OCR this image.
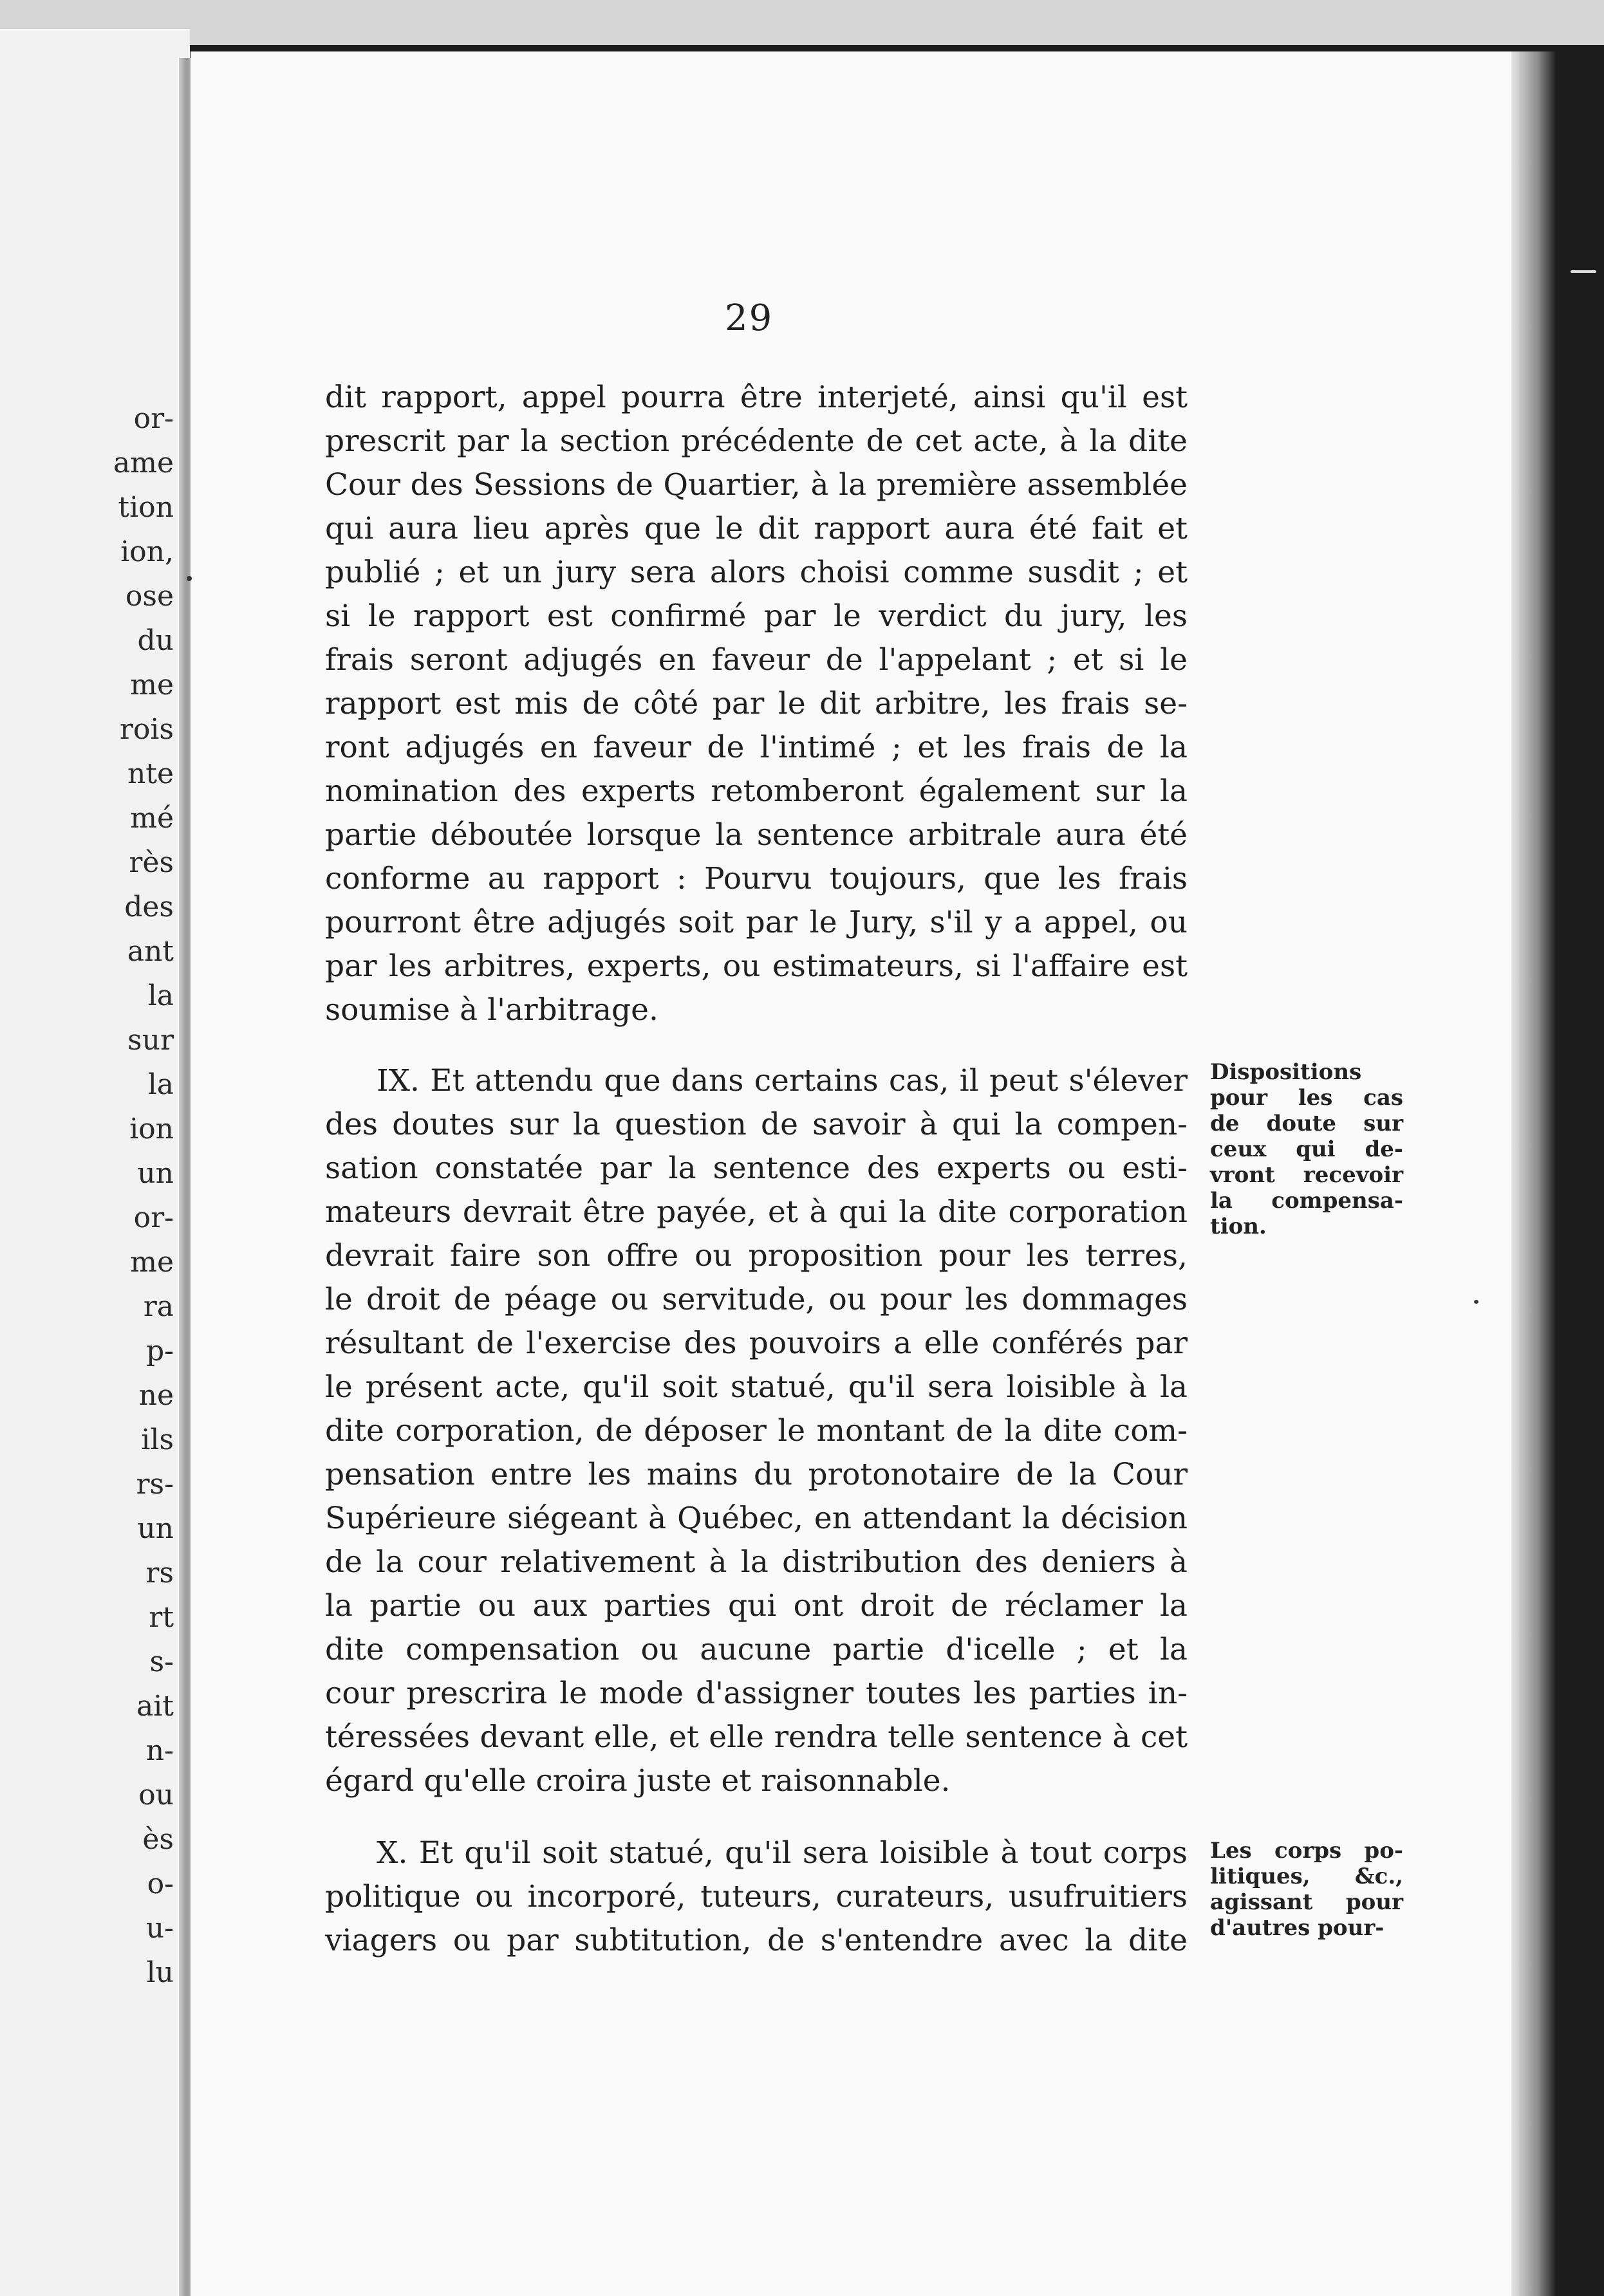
or-
ame
tion
ion,
ose
du
me
rois
nte
mé
rès
des
ant
la
sur
la
ion
un
or-
me
ra
p-
ne
ils
rs-
un
rs
rt
s-
ait
n-
ou
ès
o-
u-
lu
29
dit rapport, appel pourra être interjeté, ainsi qu'il est
prescrit par la section précédente de cet acte, à la dite
Cour des Sessions de Quartier, à la première assemblée
qui aura lieu après que le dit rapport aura été fait et
publié ; et un jury sera alors choisi comme susdit ; et
si le rapport est confirmé par le verdict du jury, les
frais seront adjugés en faveur de l'appelant ; et si le
rapport est mis de côté par le dit arbitre, les frais se-
ront adjugés en faveur de l'intimé ; et les frais de la
nomination des experts retomberont également sur la
partie déboutée lorsque la sentence arbitrale aura été
conforme au rapport : Pourvu toujours, que les frais
pourront être adjugés soit par le Jury, s'il y a appel, ou
par les arbitres, experts, ou estimateurs, si l'affaire est
soumise à l'arbitrage.
IX. Et attendu que dans certains cas, il peut s'élever
des doutes sur la question de savoir à qui la compen-
sation constatée par la sentence des experts ou esti-
mateurs devrait être payée, et à qui la dite corporation
devrait faire son offre ou proposition pour les terres,
le droit de péage ou servitude, ou pour les dommages
résultant de l'exercise des pouvoirs a elle conférés par
le présent acte, qu'il soit statué, qu'il sera loisible à la
dite corporation, de déposer le montant de la dite com-
pensation entre les mains du protonotaire de la Cour
Supérieure siégeant à Québec, en attendant la décision
de la cour relativement à la distribution des deniers à
la partie ou aux parties qui ont droit de réclamer la
dite compensation ou aucune partie d'icelle ; et la
cour prescrira le mode d'assigner toutes les parties in-
téressées devant elle, et elle rendra telle sentence à cet
égard qu'elle croira juste et raisonnable.
X. Et qu'il soit statué, qu'il sera loisible à tout corps
politique ou incorporé, tuteurs, curateurs, usufruitiers
viagers ou par subtitution, de s'entendre avec la dite
Dispositions
pour les cas
de doute sur
ceux qui de-
vront recevoir
la compensa-
tion.
Les corps po-
litiques, &c.,
agissant pour
d'autres pour-
